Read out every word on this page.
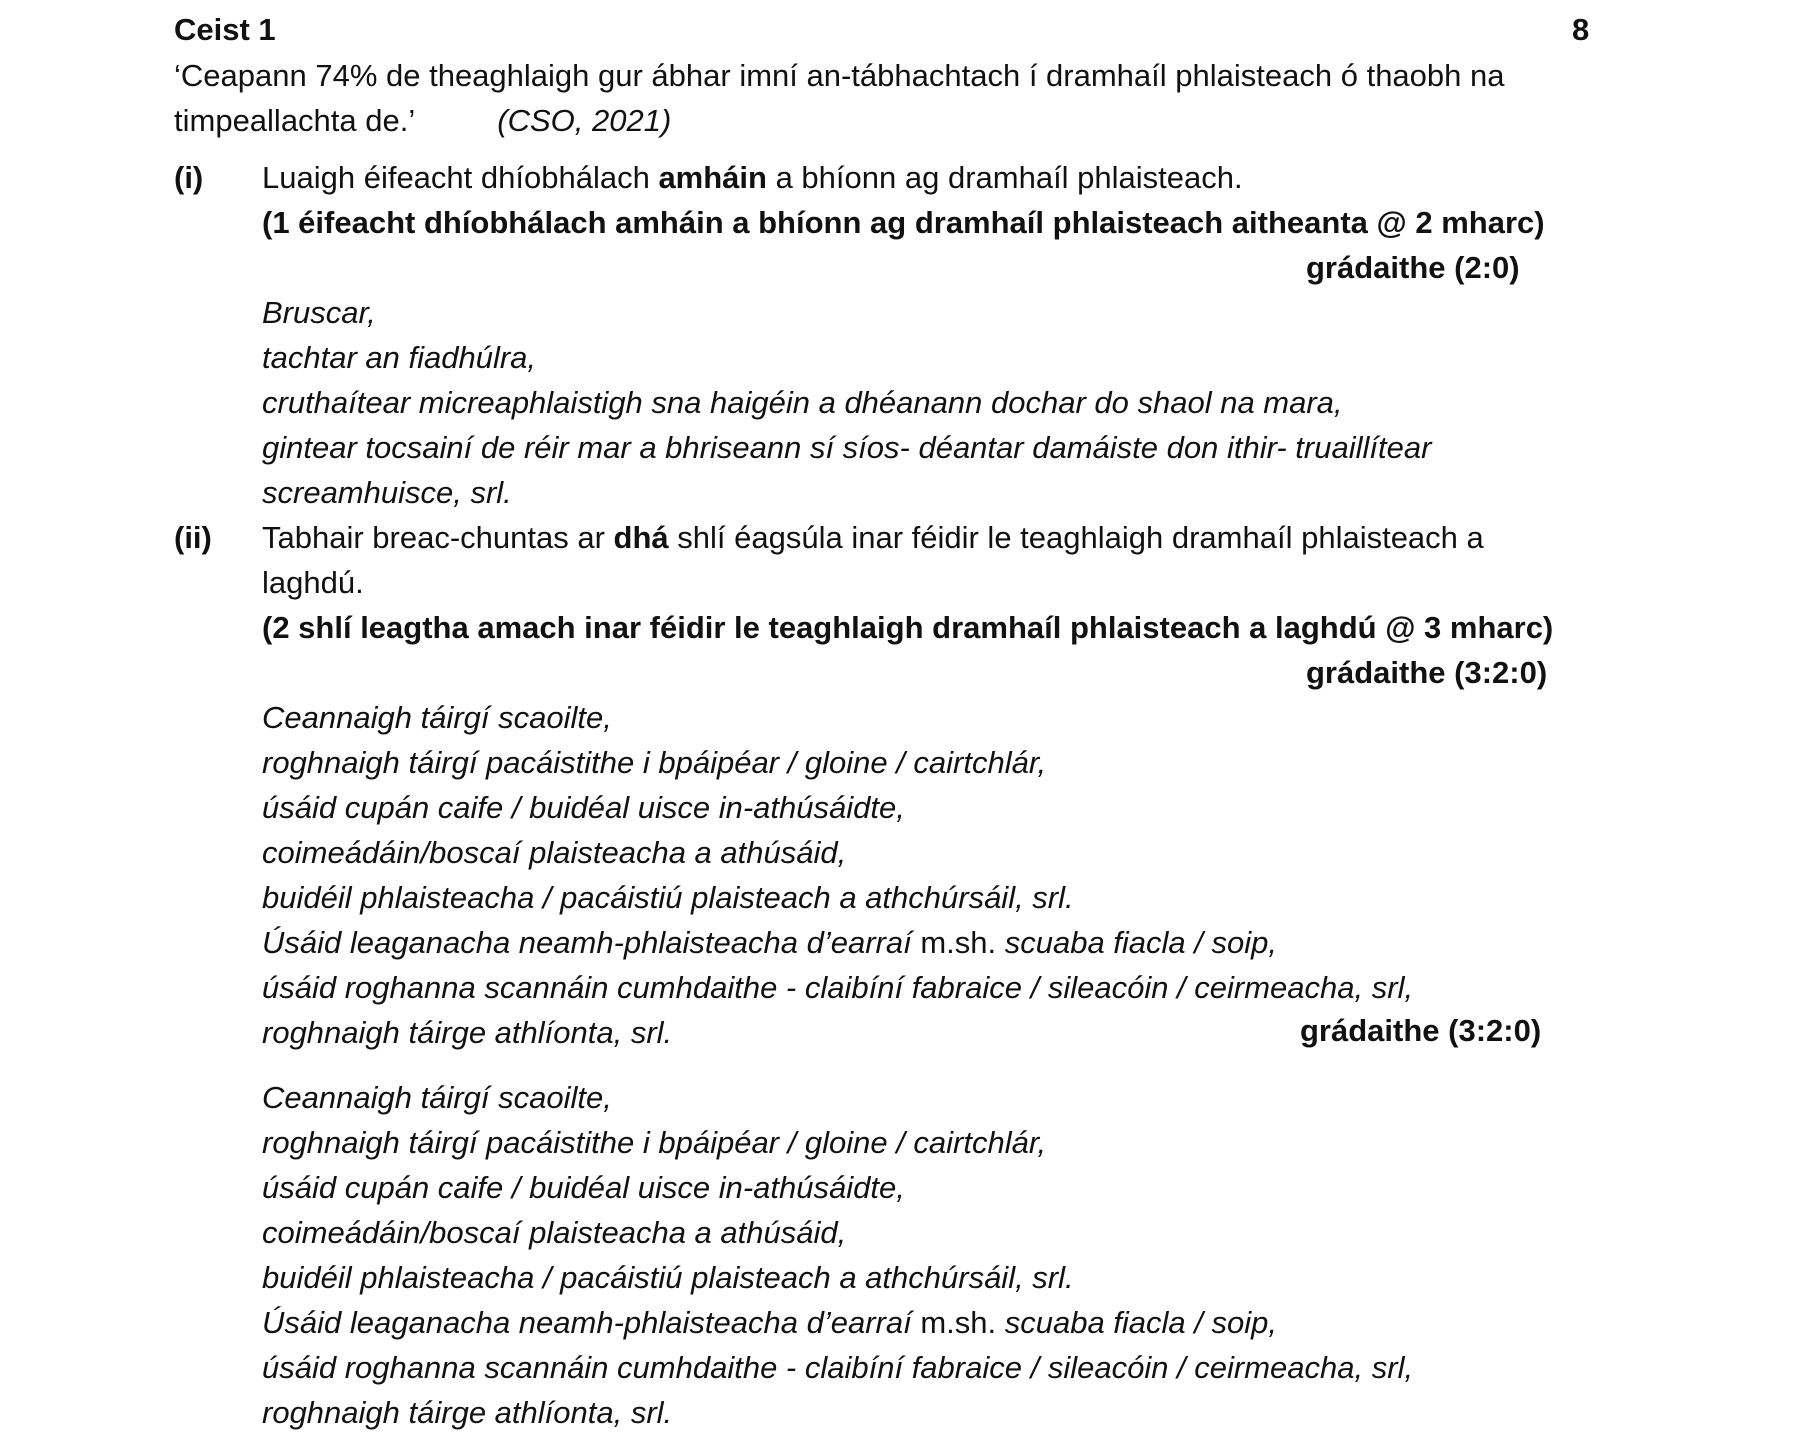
Ceist 1	8
‘Ceapann 74% de theaghlaigh gur ábhar imní an-tábhachtach í dramhaíl phlaisteach ó thaobh na
timpeallachta de.’	(CSO, 2021)
(i) Luaigh éifeacht dhíobhálach amháin a bhíonn ag dramhaíl phlaisteach.
(1 éifeacht dhíobhálach amháin a bhíonn ag dramhaíl phlaisteach aitheanta @ 2 mharc)
grádaithe (2:0)
Bruscar,
tachtar an fiadhúlra,
cruthaítear micreaphlaistigh sna haigéin a dhéanann dochar do shaol na mara,
gintear tocsainí de réir mar a bhriseann sí síos- déantar damáiste don ithir- truaillítear
screamhuisce, srl.
(ii) Tabhair breac-chuntas ar dhá shlí éagsúla inar féidir le teaghlaigh dramhaíl phlaisteach a
laghdú.
(2 shlí leagtha amach inar féidir le teaghlaigh dramhaíl phlaisteach a laghdú @ 3 mharc)
grádaithe (3:2:0)
Ceannaigh táirgí scaoilte,
roghnaigh táirgí pacáistithe i bpáipéar / gloine / cairtchlár,
úsáid cupán caife / buidéal uisce in-athúsáidte,
coimeádáin/boscaí plaisteacha a athúsáid,
buidéil phlaisteacha / pacáistiú plaisteach a athchúrsáil, srl.
Úsáid leaganacha neamh-phlaisteacha d’earraí m.sh. scuaba fiacla / soip,
úsáid roghanna scannáin cumhdaithe - claibíní fabraice / sileacóin / ceirmeacha, srl,
roghnaigh táirge athlíonta, srl.	grádaithe (3:2:0)
Ceannaigh táirgí scaoilte,
roghnaigh táirgí pacáistithe i bpáipéar / gloine / cairtchlár,
úsáid cupán caife / buidéal uisce in-athúsáidte,
coimeádáin/boscaí plaisteacha a athúsáid,
buidéil phlaisteacha / pacáistiú plaisteach a athchúrsáil, srl.
Úsáid leaganacha neamh-phlaisteacha d’earraí m.sh. scuaba fiacla / soip,
úsáid roghanna scannáin cumhdaithe - claibíní fabraice / sileacóin / ceirmeacha, srl,
roghnaigh táirge athlíonta, srl.
